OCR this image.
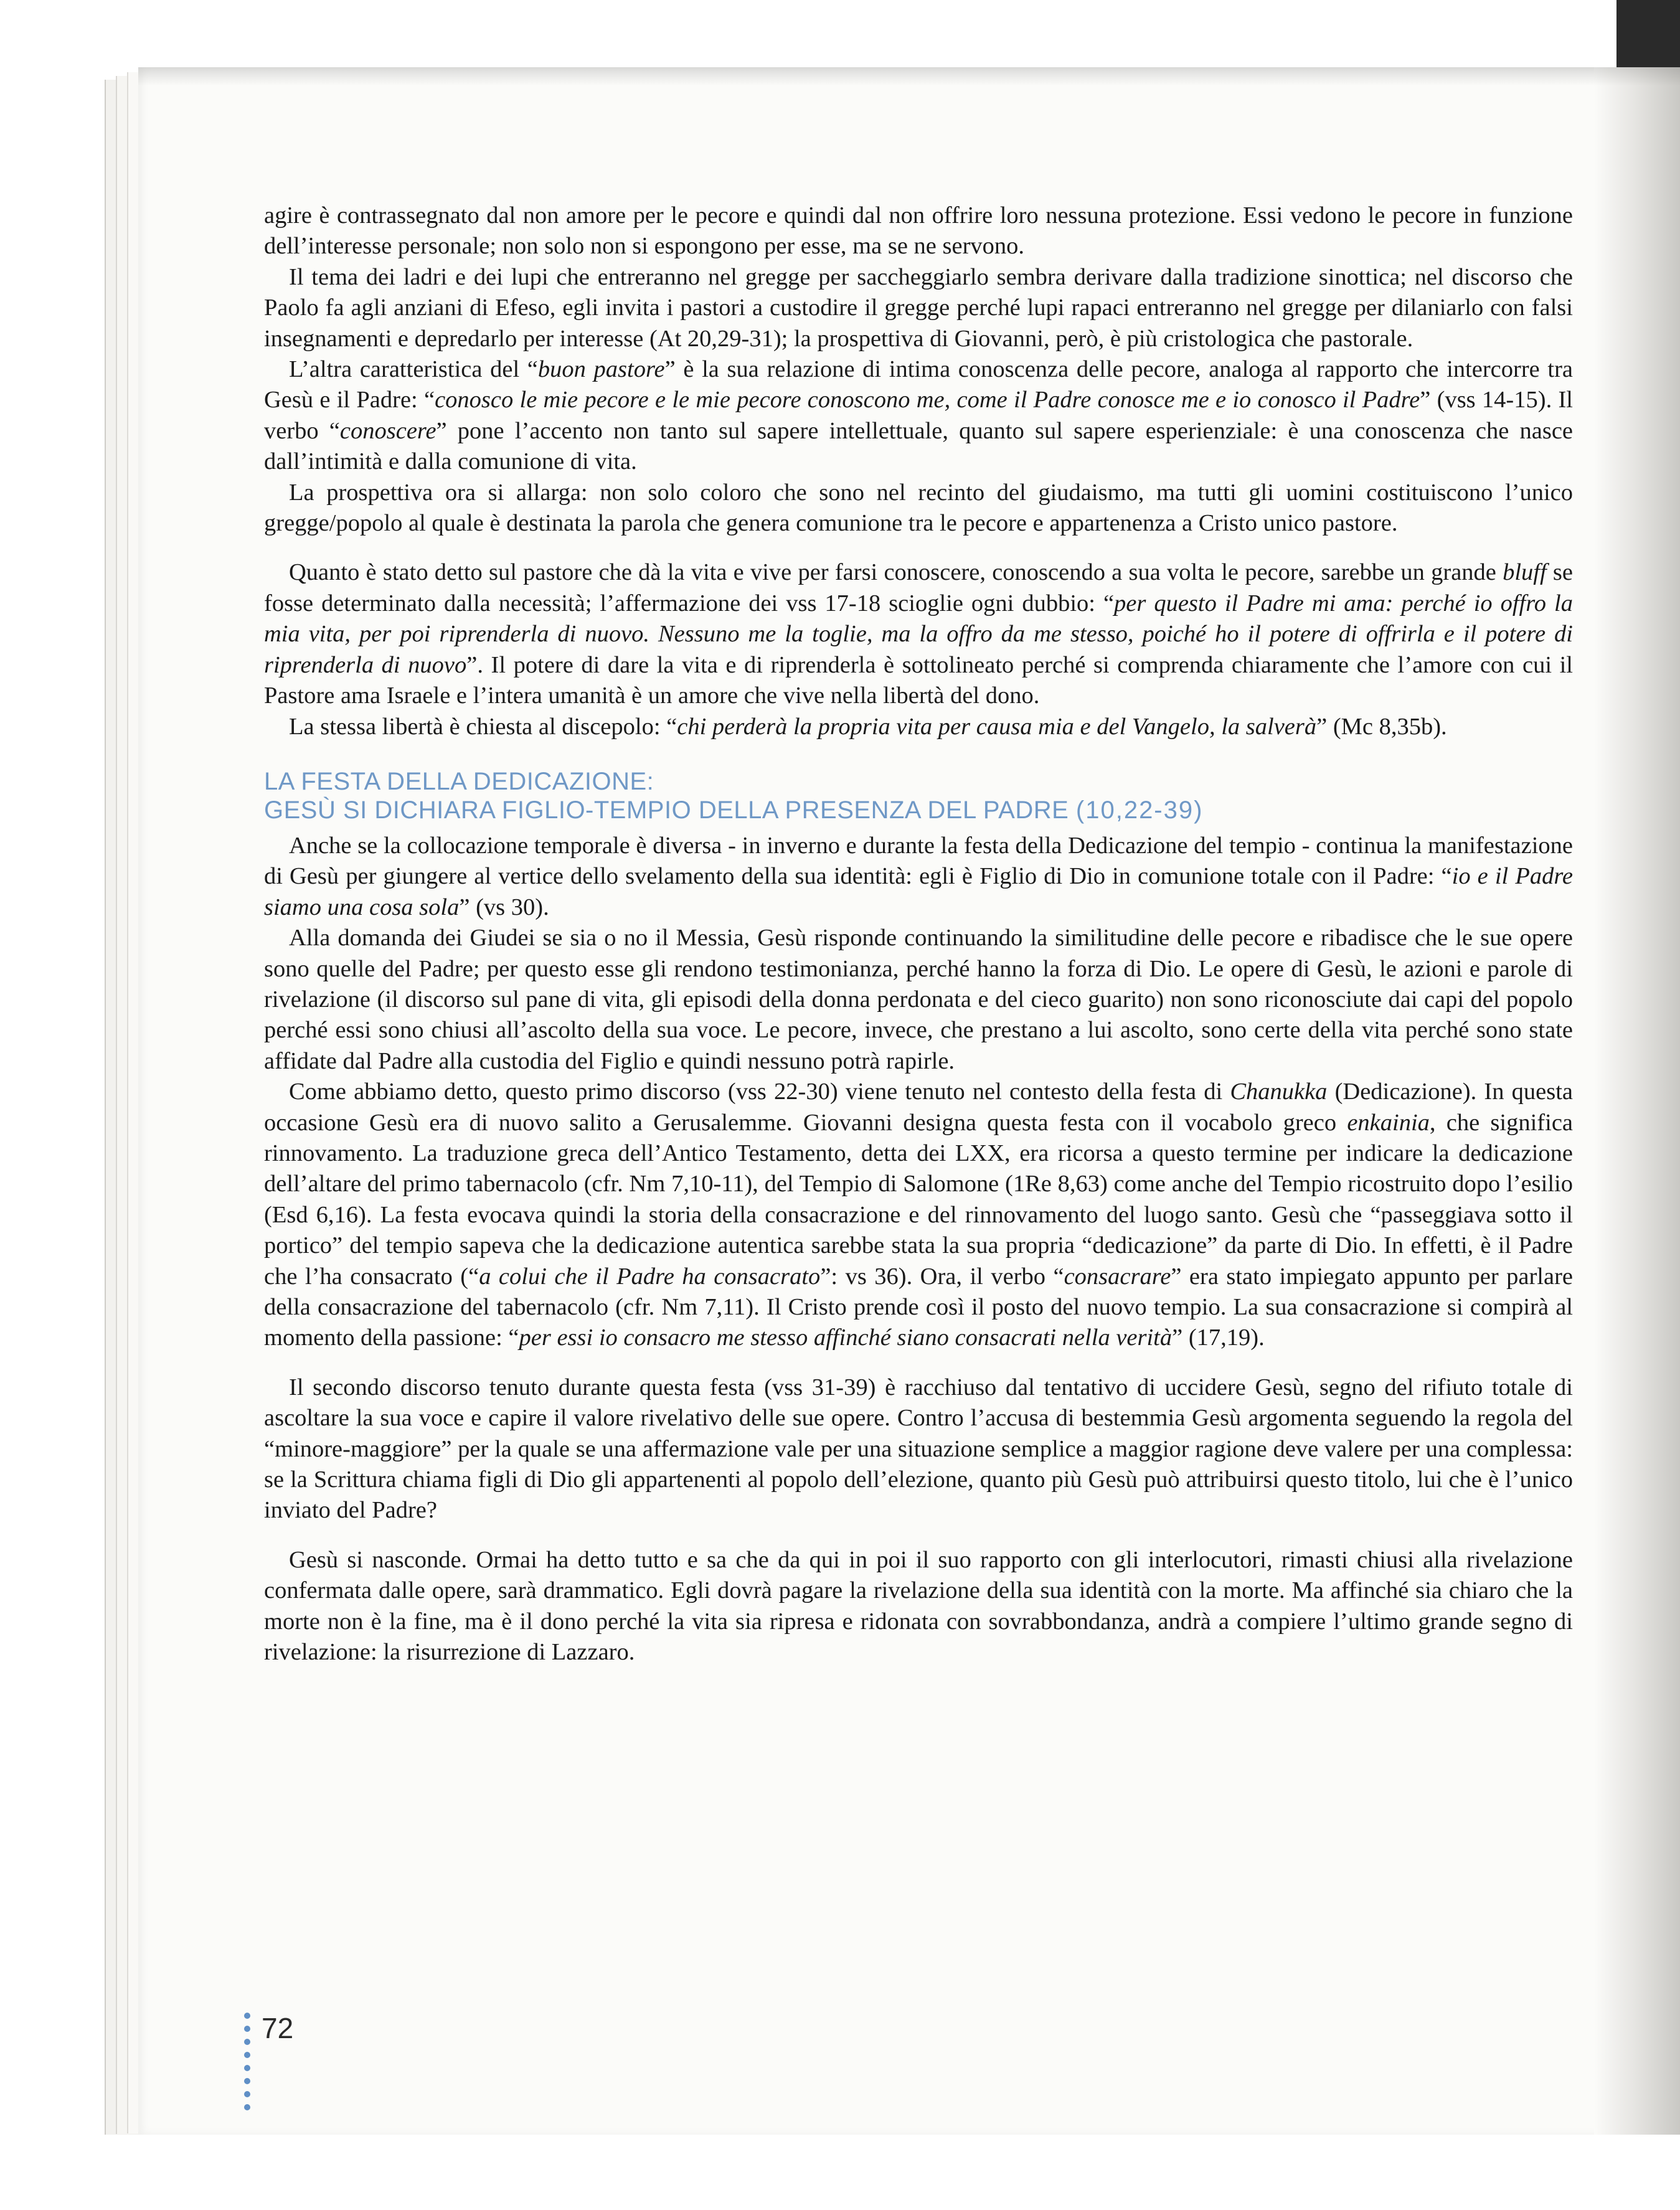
agire è contrassegnato dal non amore per le pecore e quindi dal non offrire loro nessuna protezione. Essi vedono le pecore in funzione dell’interesse personale; non solo non si espongono per esse, ma se ne servono.

Il tema dei ladri e dei lupi che entreranno nel gregge per saccheggiarlo sembra derivare dalla tradizione sinottica; nel discorso che Paolo fa agli anziani di Efeso, egli invita i pastori a custodire il gregge perché lupi rapaci entreranno nel gregge per dilaniarlo con falsi insegnamenti e depredarlo per interesse (At 20,29-31); la prospettiva di Giovanni, però, è più cristologica che pastorale.

L’altra caratteristica del “buon pastore” è la sua relazione di intima conoscenza delle pecore, analoga al rapporto che intercorre tra Gesù e il Padre: “conosco le mie pecore e le mie pecore conoscono me, come il Padre conosce me e io conosco il Padre” (vss 14-15). Il verbo “conoscere” pone l’accento non tanto sul sapere intellettuale, quanto sul sapere esperienziale: è una conoscenza che nasce dall’intimità e dalla comunione di vita.

La prospettiva ora si allarga: non solo coloro che sono nel recinto del giudaismo, ma tutti gli uomini costituiscono l’unico gregge/popolo al quale è destinata la parola che genera comunione tra le pecore e appartenenza a Cristo unico pastore.

Quanto è stato detto sul pastore che dà la vita e vive per farsi conoscere, conoscendo a sua volta le pecore, sarebbe un grande bluff se fosse determinato dalla necessità; l’affermazione dei vss 17-18 scioglie ogni dubbio: “per questo il Padre mi ama: perché io offro la mia vita, per poi riprenderla di nuovo. Nessuno me la toglie, ma la offro da me stesso, poiché ho il potere di offrirla e il potere di riprenderla di nuovo”. Il potere di dare la vita e di riprenderla è sottolineato perché si comprenda chiaramente che l’amore con cui il Pastore ama Israele e l’intera umanità è un amore che vive nella libertà del dono.

La stessa libertà è chiesta al discepolo: “chi perderà la propria vita per causa mia e del Vangelo, la salverà” (Mc 8,35b).

LA FESTA DELLA DEDICAZIONE:
GESÙ SI DICHIARA FIGLIO-TEMPIO DELLA PRESENZA DEL PADRE (10,22-39)

Anche se la collocazione temporale è diversa - in inverno e durante la festa della Dedicazione del tempio - continua la manifestazione di Gesù per giungere al vertice dello svelamento della sua identità: egli è Figlio di Dio in comunione totale con il Padre: “io e il Padre siamo una cosa sola” (vs 30).

Alla domanda dei Giudei se sia o no il Messia, Gesù risponde continuando la similitudine delle pecore e ribadisce che le sue opere sono quelle del Padre; per questo esse gli rendono testimonianza, perché hanno la forza di Dio. Le opere di Gesù, le azioni e parole di rivelazione (il discorso sul pane di vita, gli episodi della donna perdonata e del cieco guarito) non sono riconosciute dai capi del popolo perché essi sono chiusi all’ascolto della sua voce. Le pecore, invece, che prestano a lui ascolto, sono certe della vita perché sono state affidate dal Padre alla custodia del Figlio e quindi nessuno potrà rapirle.

Come abbiamo detto, questo primo discorso (vss 22-30) viene tenuto nel contesto della festa di Chanukka (Dedicazione). In questa occasione Gesù era di nuovo salito a Gerusalemme. Giovanni designa questa festa con il vocabolo greco enkainia, che significa rinnovamento. La traduzione greca dell’Antico Testamento, detta dei LXX, era ricorsa a questo termine per indicare la dedicazione dell’altare del primo tabernacolo (cfr. Nm 7,10-11), del Tempio di Salomone (1Re 8,63) come anche del Tempio ricostruito dopo l’esilio (Esd 6,16). La festa evocava quindi la storia della consacrazione e del rinnovamento del luogo santo. Gesù che “passeggiava sotto il portico” del tempio sapeva che la dedicazione autentica sarebbe stata la sua propria “dedicazione” da parte di Dio. In effetti, è il Padre che l’ha consacrato (“a colui che il Padre ha consacrato”: vs 36). Ora, il verbo “consacrare” era stato impiegato appunto per parlare della consacrazione del tabernacolo (cfr. Nm 7,11). Il Cristo prende così il posto del nuovo tempio. La sua consacrazione si compirà al momento della passione: “per essi io consacro me stesso affinché siano consacrati nella verità” (17,19).

Il secondo discorso tenuto durante questa festa (vss 31-39) è racchiuso dal tentativo di uccidere Gesù, segno del rifiuto totale di ascoltare la sua voce e capire il valore rivelativo delle sue opere. Contro l’accusa di bestemmia Gesù argomenta seguendo la regola del “minore-maggiore” per la quale se una affermazione vale per una situazione semplice a maggior ragione deve valere per una complessa: se la Scrittura chiama figli di Dio gli appartenenti al popolo dell’elezione, quanto più Gesù può attribuirsi questo titolo, lui che è l’unico inviato del Padre?

Gesù si nasconde. Ormai ha detto tutto e sa che da qui in poi il suo rapporto con gli interlocutori, rimasti chiusi alla rivelazione confermata dalle opere, sarà drammatico. Egli dovrà pagare la rivelazione della sua identità con la morte. Ma affinché sia chiaro che la morte non è la fine, ma è il dono perché la vita sia ripresa e ridonata con sovrabbondanza, andrà a compiere l’ultimo grande segno di rivelazione: la risurrezione di Lazzaro.

72
